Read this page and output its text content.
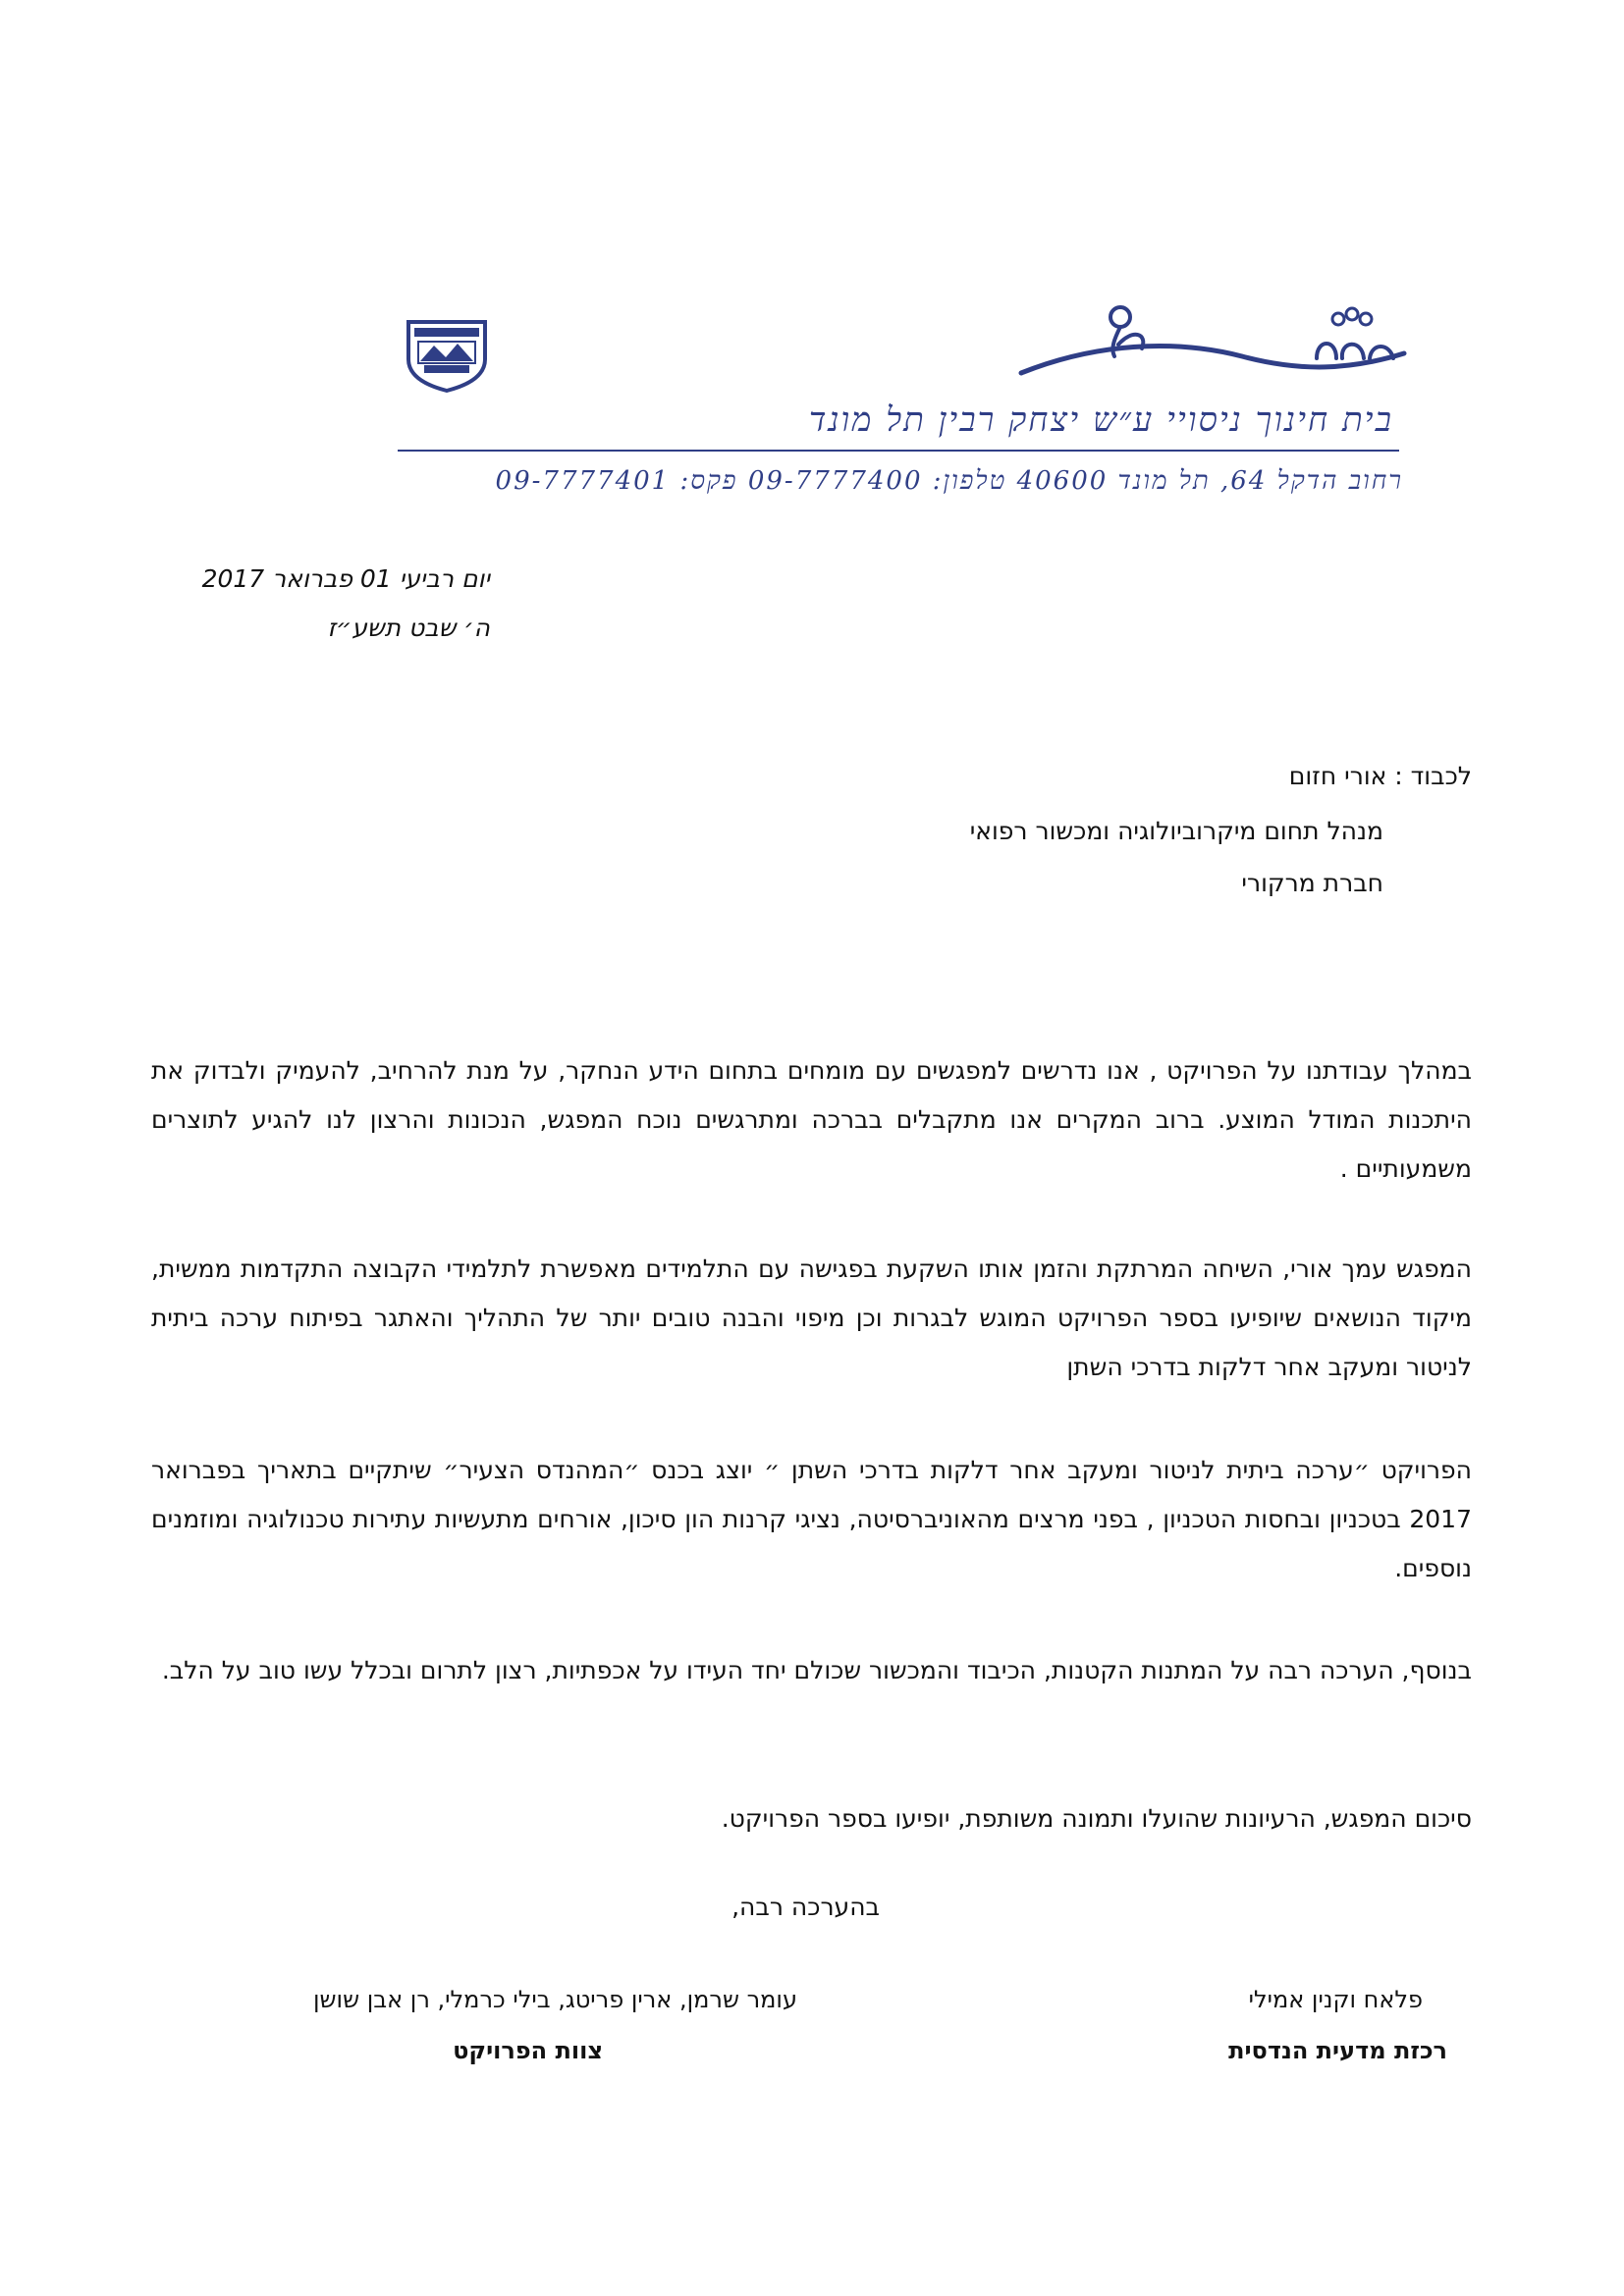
בית חינוך ניסויי ע״ש יצחק רבין תל מונד
רחוב הדקל 64, תל מונד 40600 טלפון: 09-7777400 פקס: 09-7777401
יום רביעי 01 פברואר 2017
ה׳ שבט תשע״ז
לכבוד : אורי חזום
מנהל תחום מיקרוביולוגיה ומכשור רפואי
חברת מרקורי
במהלך עבודתנו על הפרויקט , אנו נדרשים למפגשים עם מומחים בתחום הידע הנחקר, על מנת להרחיב, להעמיק ולבדוק את היתכנות המודל המוצע. ברוב המקרים אנו מתקבלים בברכה ומתרגשים נוכח המפגש, הנכונות והרצון לנו להגיע לתוצרים משמעותיים .
המפגש עמך אורי, השיחה המרתקת והזמן אותו השקעת בפגישה עם התלמידים מאפשרת לתלמידי הקבוצה התקדמות ממשית, מיקוד הנושאים שיופיעו בספר הפרויקט המוגש לבגרות וכן מיפוי והבנה טובים יותר של התהליך והאתגר בפיתוח ערכה ביתית לניטור ומעקב אחר דלקות בדרכי השתן
הפרויקט ״ערכה ביתית לניטור ומעקב אחר דלקות בדרכי השתן ״ יוצג בכנס ״המהנדס הצעיר״ שיתקיים בתאריך בפברואר 2017 בטכניון ובחסות הטכניון , בפני מרצים מהאוניברסיטה, נציגי קרנות הון סיכון, אורחים מתעשיות עתירות טכנולוגיה ומוזמנים נוספים.
בנוסף, הערכה רבה על המתנות הקטנות, הכיבוד והמכשור שכולם יחד העידו על אכפתיות, רצון לתרום ובכלל עשו טוב על הלב.
סיכום המפגש, הרעיונות שהועלו ותמונה משותפת, יופיעו בספר הפרויקט.
בהערכה רבה,
עומר שרמן, ארין פריטג, בילי כרמלי, רן אבן שושן
צוות הפרויקט
פלאח וקנין אמילי
רכזת מדעית הנדסית
